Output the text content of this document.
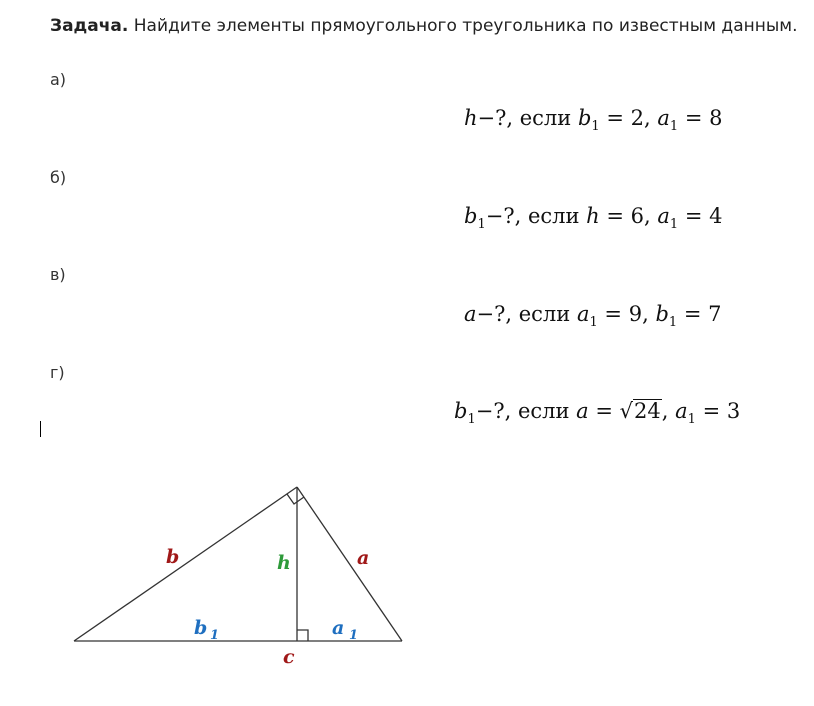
Задача. Найдите элементы прямоугольного треугольника по известным данным.
а)
h−?, если $b_1 = 2$, $a_1 = 8$
б)
$b_1-$?, если h = 6, $a_1 = 4$
в)
a−?, если $a_1 = 9$, $b_1 = 7$
г)
$b_1-$?, если a = √24, $a_1 = 3$
b	a
h
b 1	a 1
c
